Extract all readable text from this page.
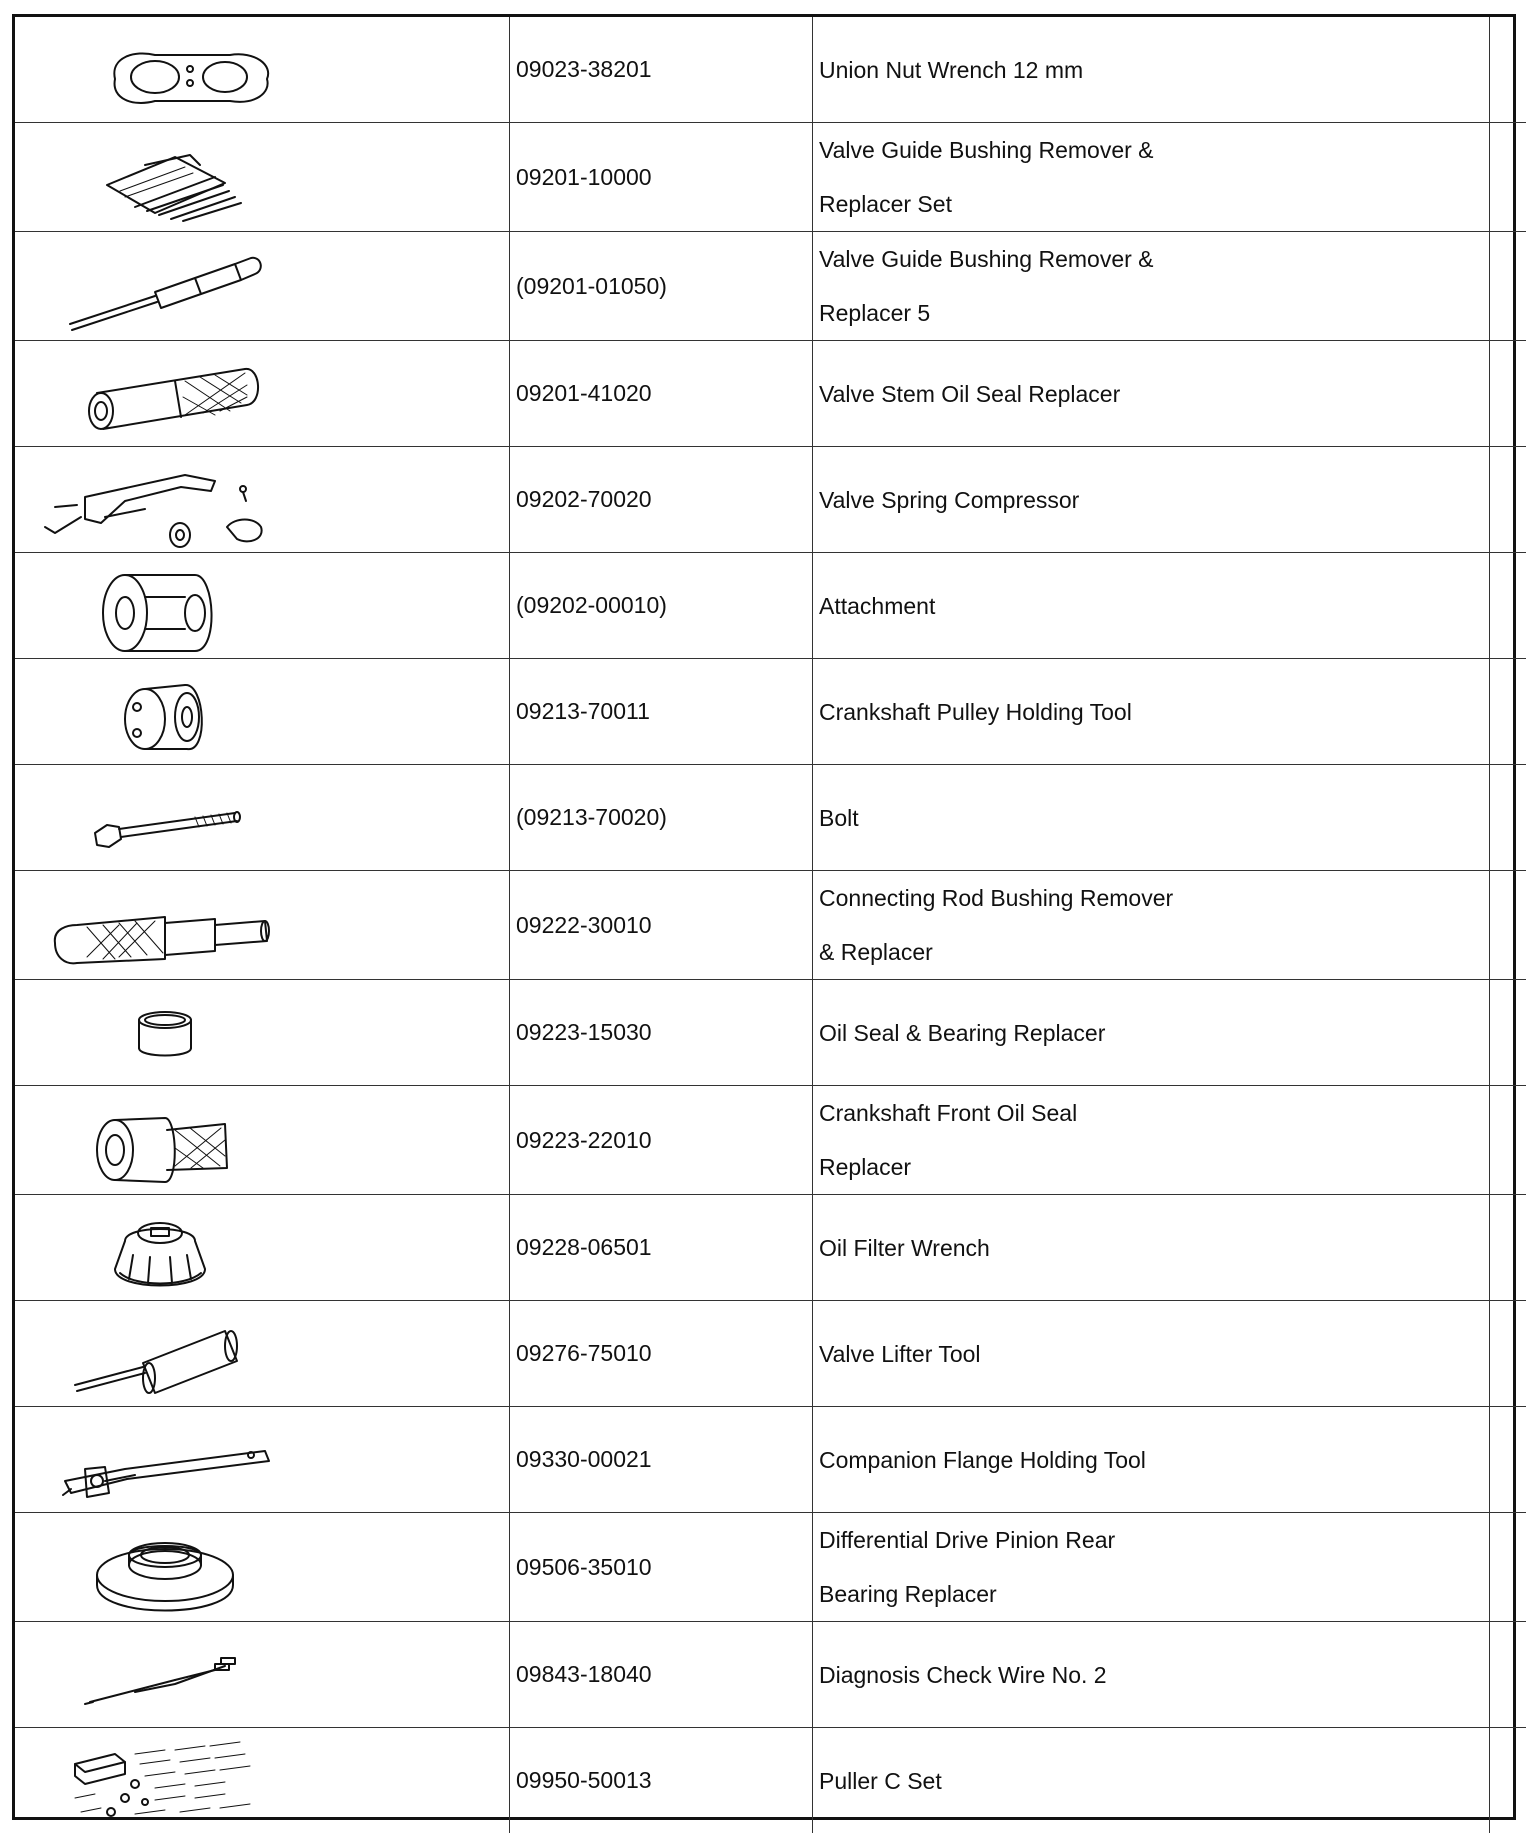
	09023-38201	Union Nut Wrench 12 mm	

	09201-10000	Valve Guide Bushing Remover &
Replacer Set	

	(09201-01050)	Valve Guide Bushing Remover &
Replacer 5	

	09201-41020	Valve Stem Oil Seal Replacer	

	09202-70020	Valve Spring Compressor	

	(09202-00010)	Attachment	

	09213-70011	Crankshaft Pulley Holding Tool	

	(09213-70020)	Bolt	

	09222-30010	Connecting Rod Bushing Remover
& Replacer	

	09223-15030	Oil Seal & Bearing Replacer	

	09223-22010	Crankshaft Front Oil Seal
Replacer	

	09228-06501	Oil Filter Wrench	

	09276-75010	Valve Lifter Tool	

	09330-00021	Companion Flange Holding Tool	

	09506-35010	Differential Drive Pinion Rear
Bearing Replacer	

	09843-18040	Diagnosis Check Wire No. 2	

	09950-50013	Puller C Set	
